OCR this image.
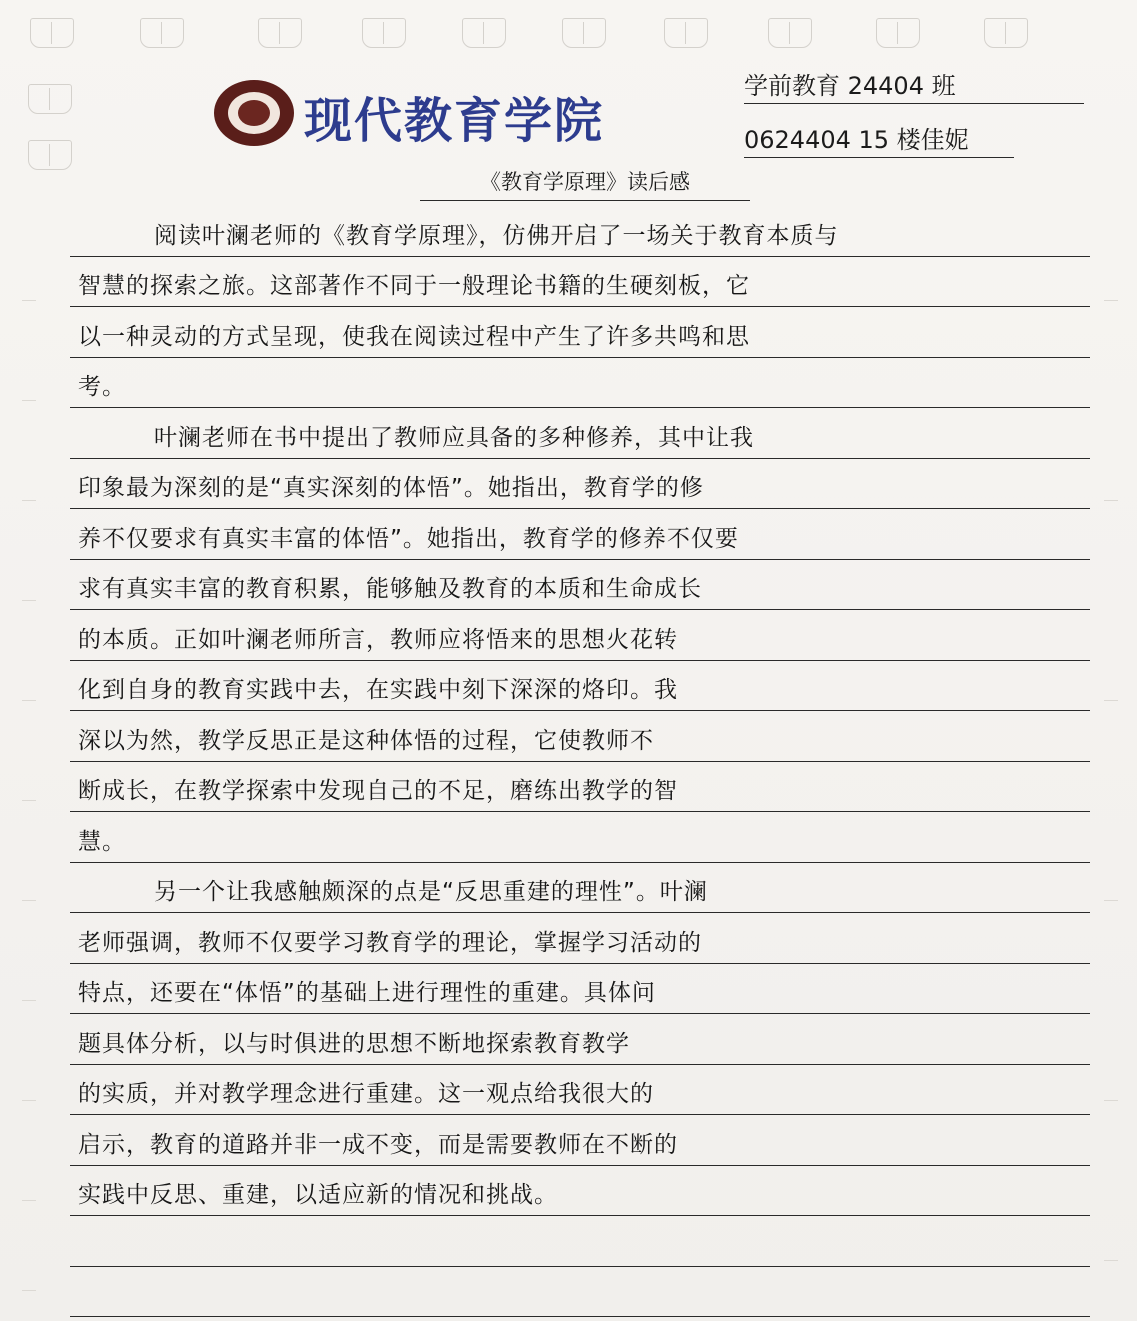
现代教育学院
学前教育 24404 班
0624404 15 楼佳妮
《教育学原理》读后感
阅读叶澜老师的《教育学原理》，仿佛开启了一场关于教育本质与
智慧的探索之旅。这部著作不同于一般理论书籍的生硬刻板，它
以一种灵动的方式呈现，使我在阅读过程中产生了许多共鸣和思
考。
叶澜老师在书中提出了教师应具备的多种修养，其中让我
印象最为深刻的是“真实深刻的体悟”。她指出，教育学的修
养不仅要求有真实丰富的体悟”。她指出，教育学的修养不仅要
求有真实丰富的教育积累，能够触及教育的本质和生命成长
的本质。正如叶澜老师所言，教师应将悟来的思想火花转
化到自身的教育实践中去，在实践中刻下深深的烙印。我
深以为然，教学反思正是这种体悟的过程，它使教师不
断成长，在教学探索中发现自己的不足，磨练出教学的智
慧。
另一个让我感触颇深的点是“反思重建的理性”。叶澜
老师强调，教师不仅要学习教育学的理论，掌握学习活动的
特点，还要在“体悟”的基础上进行理性的重建。具体问
题具体分析，以与时俱进的思想不断地探索教育教学
的实质，并对教学理念进行重建。这一观点给我很大的
启示，教育的道路并非一成不变，而是需要教师在不断的
实践中反思、重建，以适应新的情况和挑战。
